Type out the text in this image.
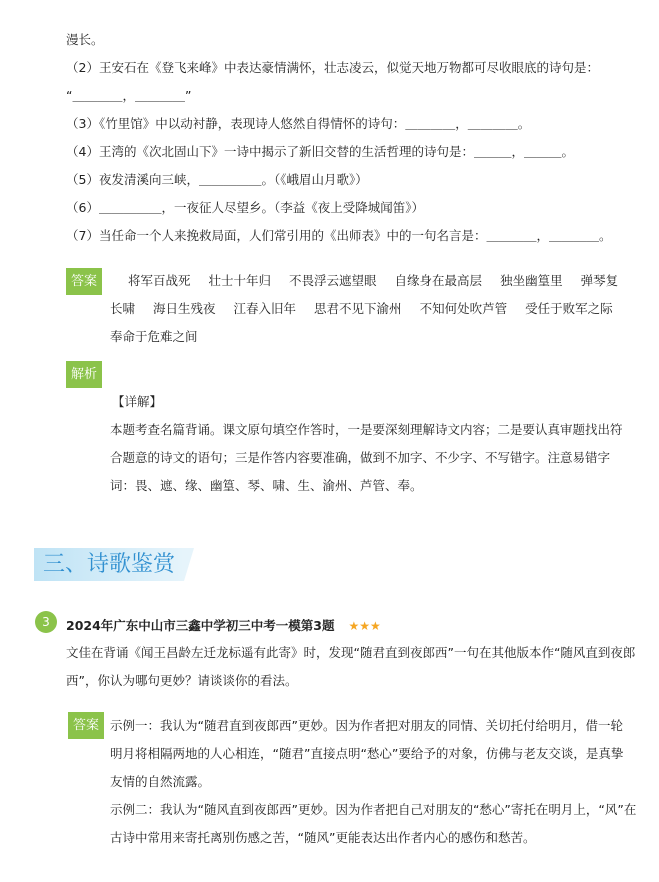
漫长。
（2）王安石在《登飞来峰》中表达豪情满怀，壮志凌云，似觉天地万物都可尽收眼底的诗句是：
“＿＿＿＿，＿＿＿＿”
（3）《竹里馆》中以动衬静，表现诗人悠然自得情怀的诗句：＿＿＿＿，＿＿＿＿。
（4）王湾的《次北固山下》一诗中揭示了新旧交替的生活哲理的诗句是：＿＿＿，＿＿＿。
（5）夜发清溪向三峡，＿＿＿＿＿。（《峨眉山月歌》）
（6）＿＿＿＿＿，一夜征人尽望乡。（李益《夜上受降城闻笛》）
（7）当任命一个人来挽救局面，人们常引用的《出师表》中的一句名言是：＿＿＿＿，＿＿＿＿。
答案	将军百战死 壮士十年归 不畏浮云遮望眼 自缘身在最高层 独坐幽篁里 弹琴复
长啸 海日生残夜 江春入旧年 思君不见下渝州 不知何处吹芦管 受任于败军之际
奉命于危难之间
解析
【详解】
本题考查名篇背诵。课文原句填空作答时，一是要深刻理解诗文内容；二是要认真审题找出符
合题意的诗文的语句；三是作答内容要准确，做到不加字、不少字、不写错字。注意易错字
词：畏、遮、缘、幽篁、琴、啸、生、渝州、芦管、奉。
三、诗歌鉴赏
3	2024年广东中山市三鑫中学初三中考一模第3题 ★★★
文佳在背诵《闻王昌龄左迁龙标遥有此寄》时，发现“随君直到夜郎西”一句在其他版本作“随风直到夜郎
西”，你认为哪句更妙？请谈谈你的看法。
答案 示例一：我认为“随君直到夜郎西”更妙。因为作者把对朋友的同情、关切托付给明月，借一轮
明月将相隔两地的人心相连，“随君”直接点明“愁心”要给予的对象，仿佛与老友交谈，是真挚
友情的自然流露。
示例二：我认为“随风直到夜郎西”更妙。因为作者把自己对朋友的“愁心”寄托在明月上，“风”在
古诗中常用来寄托离别伤感之苦，“随风”更能表达出作者内心的感伤和愁苦。
